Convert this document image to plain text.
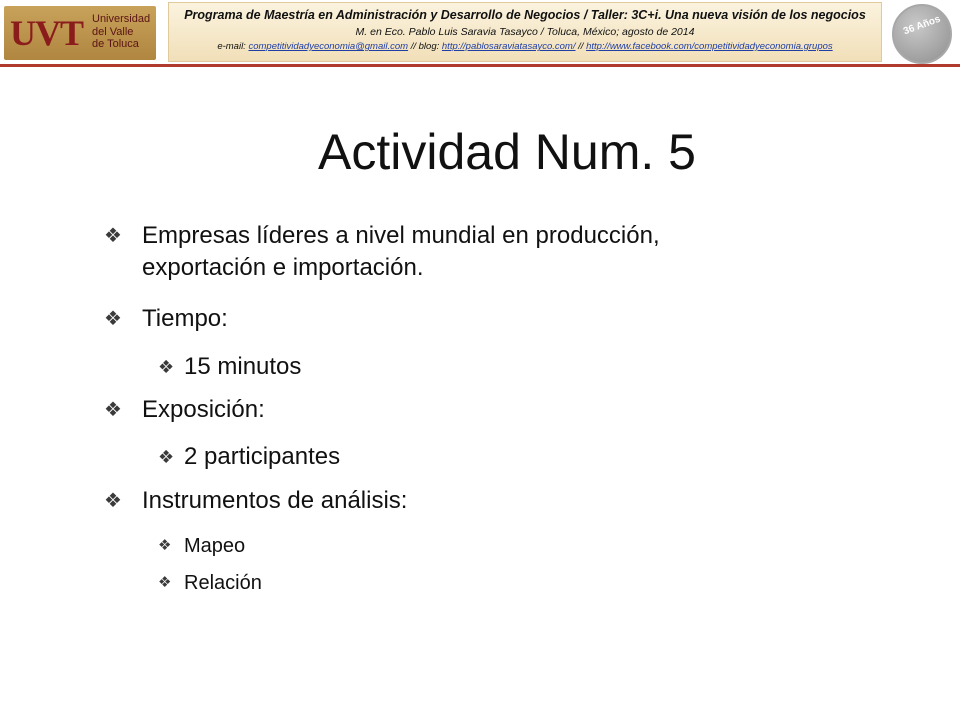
UVT Universidad
del Valle
de Toluca
Programa de Maestría en Administración y Desarrollo de Negocios / Taller: 3C+i. Una nueva visión de los negocios
M. en Eco. Pablo Luis Saravia Tasayco / Toluca, México; agosto de 2014
e-mail: competitividadyeconomia@gmail.com // blog: http://pablosaraviatasayco.com/ // http://www.facebook.com/competitividadyeconomia.grupos
36 Años
Actividad Num. 5
❖ Empresas líderes a nivel mundial en producción,
exportación e importación.
❖ Tiempo:
❖ 15 minutos
❖ Exposición:
❖ 2 participantes
❖ Instrumentos de análisis:
❖ Mapeo
❖ Relación
